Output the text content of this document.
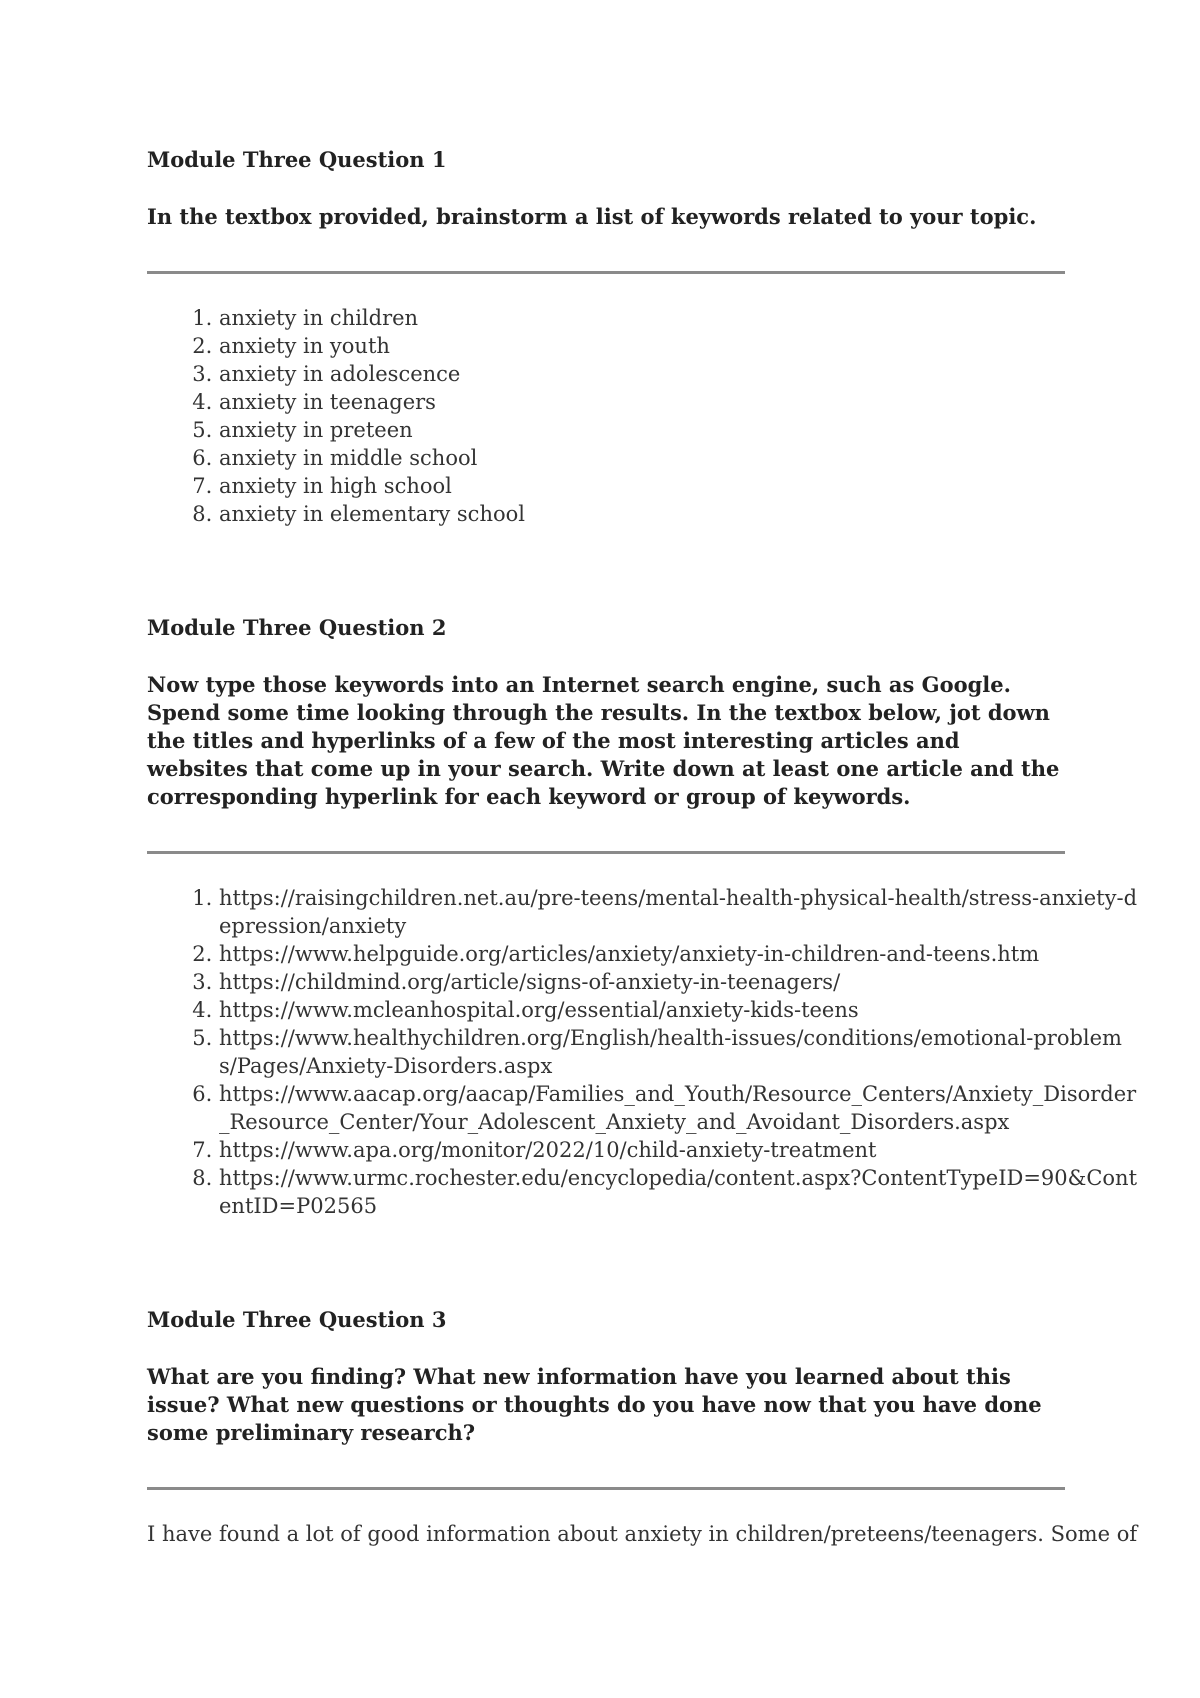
Module Three Question 1

In the textbox provided, brainstorm a list of keywords related to your topic.

1. anxiety in children
2. anxiety in youth
3. anxiety in adolescence
4. anxiety in teenagers
5. anxiety in preteen
6. anxiety in middle school
7. anxiety in high school
8. anxiety in elementary school

Module Three Question 2

Now type those keywords into an Internet search engine, such as Google. Spend some time looking through the results. In the textbox below, jot down the titles and hyperlinks of a few of the most interesting articles and websites that come up in your search. Write down at least one article and the corresponding hyperlink for each keyword or group of keywords.

1. https://raisingchildren.net.au/pre-teens/mental-health-physical-health/stress-anxiety-depression/anxiety
2. https://www.helpguide.org/articles/anxiety/anxiety-in-children-and-teens.htm
3. https://childmind.org/article/signs-of-anxiety-in-teenagers/
4. https://www.mcleanhospital.org/essential/anxiety-kids-teens
5. https://www.healthychildren.org/English/health-issues/conditions/emotional-problems/Pages/Anxiety-Disorders.aspx
6. https://www.aacap.org/aacap/Families_and_Youth/Resource_Centers/Anxiety_Disorder_Resource_Center/Your_Adolescent_Anxiety_and_Avoidant_Disorders.aspx
7. https://www.apa.org/monitor/2022/10/child-anxiety-treatment
8. https://www.urmc.rochester.edu/encyclopedia/content.aspx?ContentTypeID=90&ContentID=P02565

Module Three Question 3

What are you finding? What new information have you learned about this issue? What new questions or thoughts do you have now that you have done some preliminary research?

I have found a lot of good information about anxiety in children/preteens/teenagers. Some of
